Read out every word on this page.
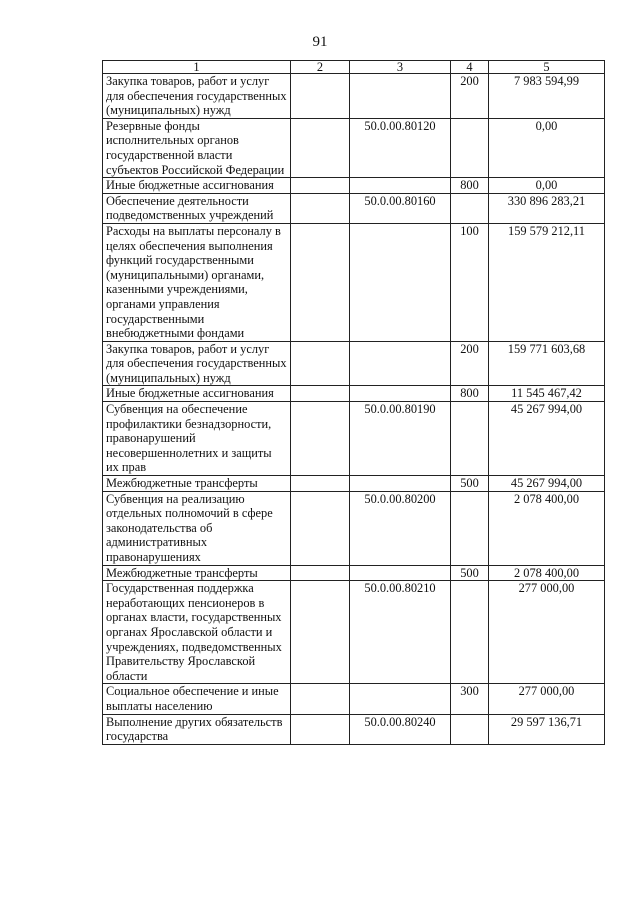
91
1	2	3	4	5
Закупка товаров, работ и услуг для обеспечения государственных (муниципальных) нужд			200	7 983 594,99
Резервные фонды исполнительных органов государственной власти субъектов Российской Федерации		50.0.00.80120		0,00
Иные бюджетные ассигнования			800	0,00
Обеспечение деятельности подведомственных учреждений		50.0.00.80160		330 896 283,21
Расходы на выплаты персоналу в целях обеспечения выполнения функций государственными (муниципальными) органами, казенными учреждениями, органами управления государственными внебюджетными фондами			100	159 579 212,11
Закупка товаров, работ и услуг для обеспечения государственных (муниципальных) нужд			200	159 771 603,68
Иные бюджетные ассигнования			800	11 545 467,42
Субвенция на обеспечение профилактики безнадзорности, правонарушений несовершеннолетних и защиты их прав		50.0.00.80190		45 267 994,00
Межбюджетные трансферты			500	45 267 994,00
Субвенция на реализацию отдельных полномочий в сфере законодательства об административных правонарушениях		50.0.00.80200		2 078 400,00
Межбюджетные трансферты			500	2 078 400,00
Государственная поддержка неработающих пенсионеров в органах власти, государственных органах Ярославской области и учреждениях, подведомственных Правительству Ярославской области		50.0.00.80210		277 000,00
Социальное обеспечение и иные выплаты населению			300	277 000,00
Выполнение других обязательств государства		50.0.00.80240		29 597 136,71
